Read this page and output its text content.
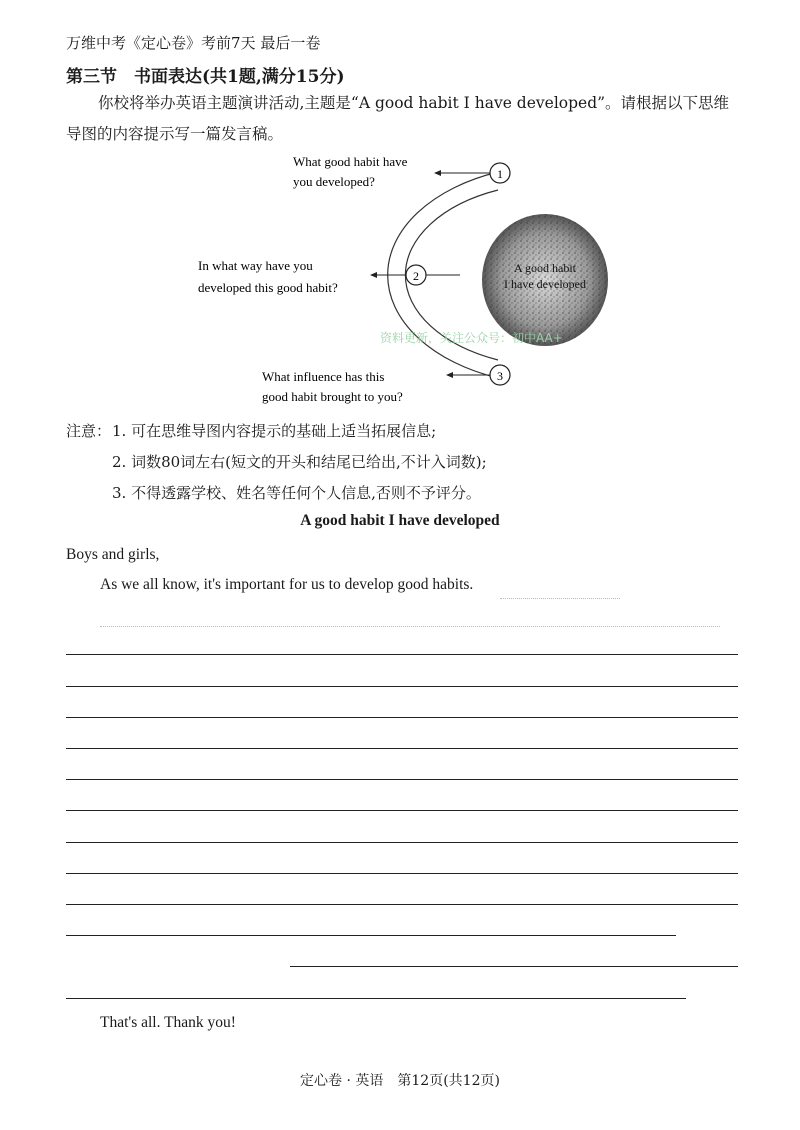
万维中考《定心卷》考前7天 最后一卷
第三节　书面表达(共1题,满分15分)
你校将举办英语主题演讲活动,主题是“A good habit I have developed”。请根据以下思维导图的内容提示写一篇发言稿。
A good habit
I have developed
1
2
3
What good habit have
you developed?
In what way have you
developed this good habit?
What influence has this
good habit brought to you?
资料更新，关注公众号：初中AA+
注意： 1. 可在思维导图内容提示的基础上适当拓展信息;
2. 词数80词左右(短文的开头和结尾已给出,不计入词数);
3. 不得透露学校、姓名等任何个人信息,否则不予评分。
A good habit I have developed
Boys and girls,
As we all know, it's important for us to develop good habits.
That's all. Thank you!
定心卷 · 英语　第12页(共12页)
